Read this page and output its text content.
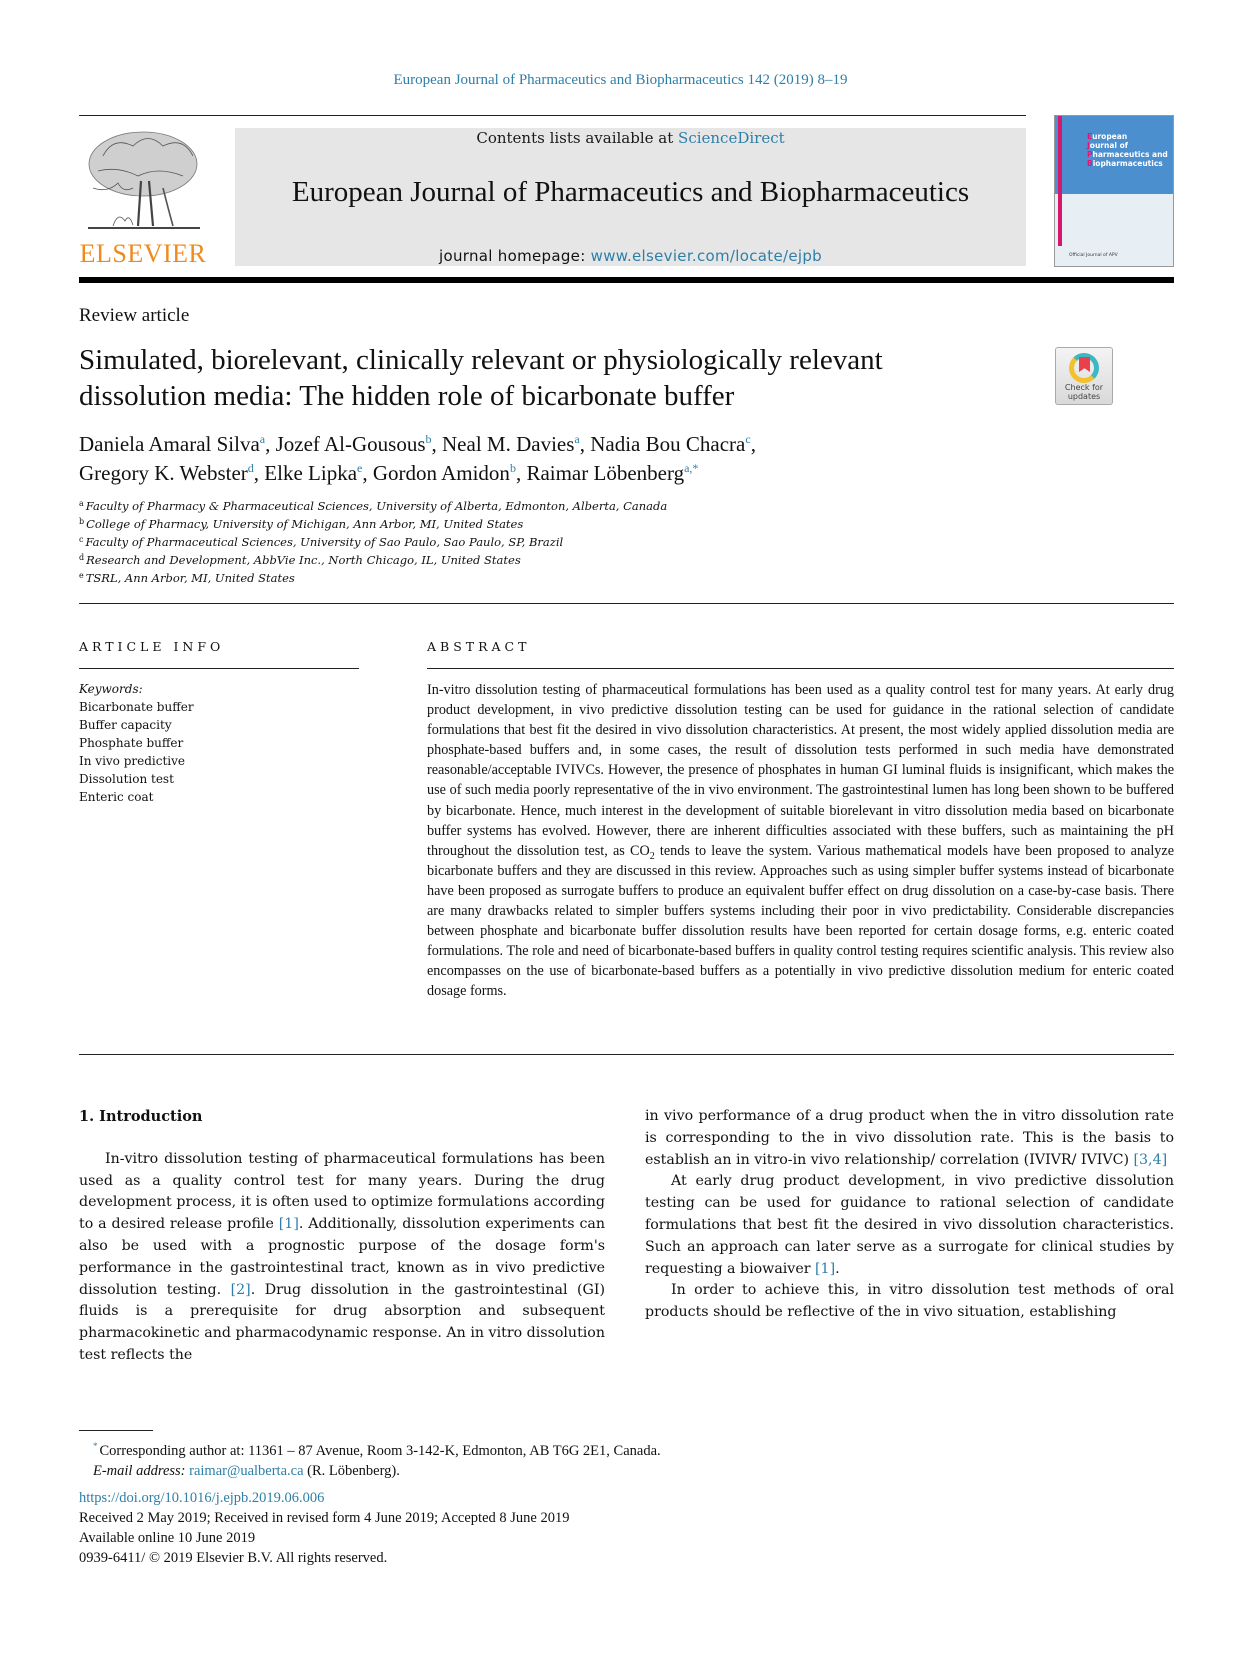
European Journal of Pharmaceutics and Biopharmaceutics 142 (2019) 8–19
ELSEVIER
Contents lists available at ScienceDirect
European Journal of Pharmaceutics and Biopharmaceutics
journal homepage: www.elsevier.com/locate/ejpb
European
Journal of
Pharmaceutics and
Biopharmaceutics
Official Journal of APV
Review article
Simulated, biorelevant, clinically relevant or physiologically relevant dissolution media: The hidden role of bicarbonate buffer	Check for
updates
Daniela Amaral Silva$^a$, Jozef Al-Gousous$^b$, Neal M. Davies$^a$, Nadia Bou Chacra$^c$,
Gregory K. Webster$^d$, Elke Lipka$^e$, Gordon Amidon$^b$, Raimar Löbenberg$^{a,*}$
$^a$ Faculty of Pharmacy & Pharmaceutical Sciences, University of Alberta, Edmonton, Alberta, Canada
$^b$ College of Pharmacy, University of Michigan, Ann Arbor, MI, United States
$^c$ Faculty of Pharmaceutical Sciences, University of Sao Paulo, Sao Paulo, SP, Brazil
$^d$ Research and Development, AbbVie Inc., North Chicago, IL, United States
$^e$ TSRL, Ann Arbor, MI, United States
ARTICLE INFO	ABSTRACT
Keywords:
Bicarbonate buffer
Buffer capacity
Phosphate buffer
In vivo predictive
Dissolution test
Enteric coat
In-vitro dissolution testing of pharmaceutical formulations has been used as a quality control test for many years. At early drug product development, in vivo predictive dissolution testing can be used for guidance in the rational selection of candidate formulations that best fit the desired in vivo dissolution characteristics. At present, the most widely applied dissolution media are phosphate-based buffers and, in some cases, the result of dissolution tests performed in such media have demonstrated reasonable/acceptable IVIVCs. However, the presence of phosphates in human GI luminal fluids is insignificant, which makes the use of such media poorly representative of the in vivo environment. The gastrointestinal lumen has long been shown to be buffered by bicarbonate. Hence, much interest in the development of suitable biorelevant in vitro dissolution media based on bicarbonate buffer systems has evolved. However, there are inherent difficulties associated with these buffers, such as maintaining the pH throughout the dissolution test, as $CO_2$ tends to leave the system. Various mathematical models have been proposed to analyze bicarbonate buffers and they are discussed in this review. Approaches such as using simpler buffer systems instead of bicarbonate have been proposed as surrogate buffers to produce an equivalent buffer effect on drug dissolution on a case-by-case basis. There are many drawbacks related to simpler buffers systems including their poor in vivo predictability. Considerable discrepancies between phosphate and bicarbonate buffer dissolution results have been reported for certain dosage forms, e.g. enteric coated formulations. The role and need of bicarbonate-based buffers in quality control testing requires scientific analysis. This review also encompasses on the use of bicarbonate-based buffers as a potentially in vivo predictive dissolution medium for enteric coated dosage forms.
1. Introduction

In-vitro dissolution testing of pharmaceutical formulations has been used as a quality control test for many years. During the drug development process, it is often used to optimize formulations according to a desired release profile [1]. Additionally, dissolution experiments can also be used with a prognostic purpose of the dosage form's performance in the gastrointestinal tract, known as in vivo predictive dissolution testing. [2]. Drug dissolution in the gastrointestinal (GI) fluids is a prerequisite for drug absorption and subsequent pharmacokinetic and pharmacodynamic response. An in vitro dissolution test reflects the

in vivo performance of a drug product when the in vitro dissolution rate is corresponding to the in vivo dissolution rate. This is the basis to establish an in vitro-in vivo relationship/ correlation (IVIVR/ IVIVC) [3,4]

At early drug product development, in vivo predictive dissolution testing can be used for guidance to rational selection of candidate formulations that best fit the desired in vivo dissolution characteristics. Such an approach can later serve as a surrogate for clinical studies by requesting a biowaiver [1].

In order to achieve this, in vitro dissolution test methods of oral products should be reflective of the in vivo situation, establishing

* Corresponding author at: 11361 – 87 Avenue, Room 3-142-K, Edmonton, AB T6G 2E1, Canada.
E-mail address: raimar@ualberta.ca (R. Löbenberg).
https://doi.org/10.1016/j.ejpb.2019.06.006
Received 2 May 2019; Received in revised form 4 June 2019; Accepted 8 June 2019
Available online 10 June 2019
0939-6411/ © 2019 Elsevier B.V. All rights reserved.
